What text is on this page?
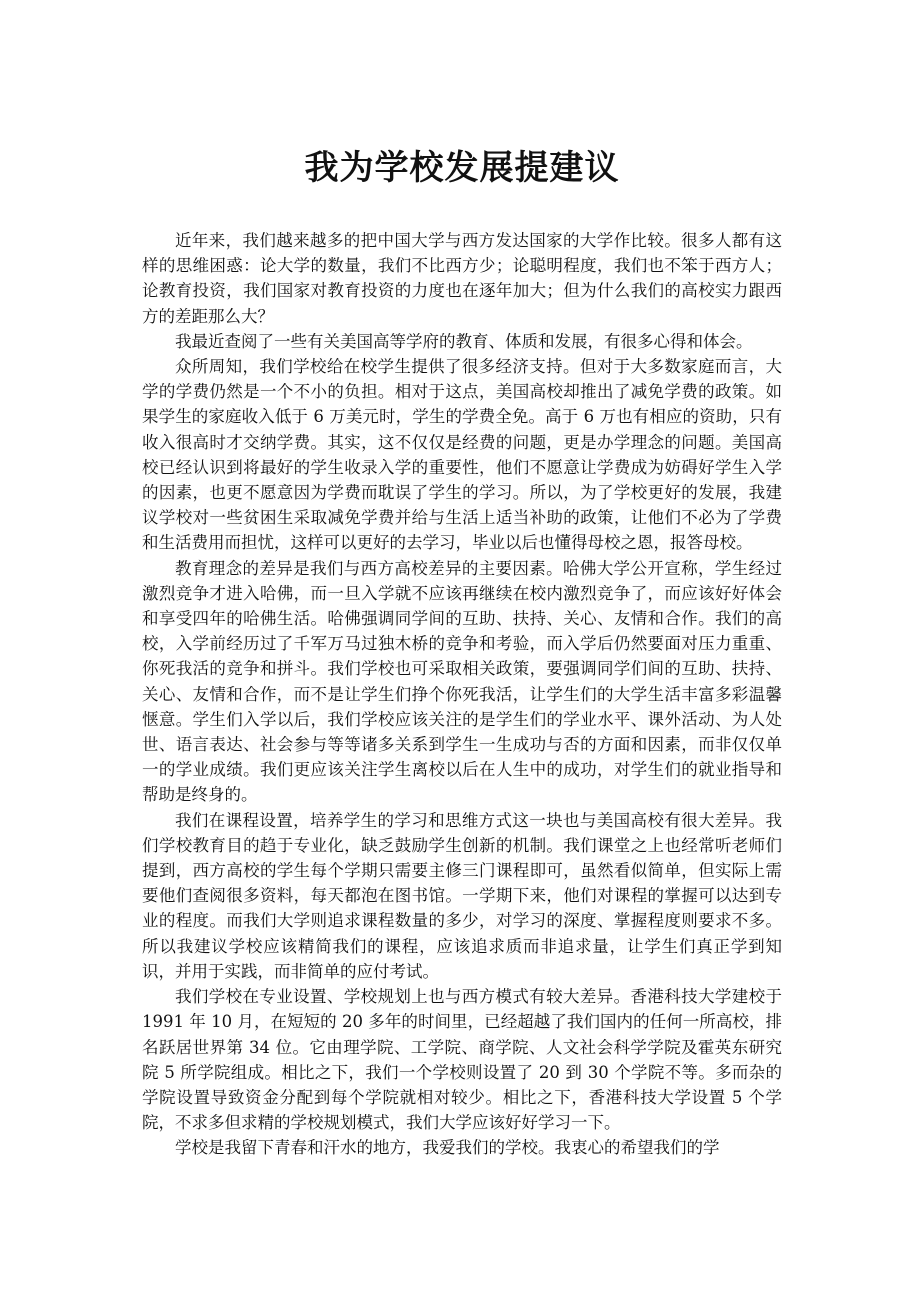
我为学校发展提建议

近年来，我们越来越多的把中国大学与西方发达国家的大学作比较。很多人都有这样的思维困惑：论大学的数量，我们不比西方少；论聪明程度，我们也不笨于西方人；论教育投资，我们国家对教育投资的力度也在逐年加大；但为什么我们的高校实力跟西方的差距那么大？

我最近查阅了一些有关美国高等学府的教育、体质和发展，有很多心得和体会。

众所周知，我们学校给在校学生提供了很多经济支持。但对于大多数家庭而言，大学的学费仍然是一个不小的负担。相对于这点，美国高校却推出了减免学费的政策。如果学生的家庭收入低于 6 万美元时，学生的学费全免。高于 6 万也有相应的资助，只有收入很高时才交纳学费。其实，这不仅仅是经费的问题，更是办学理念的问题。美国高校已经认识到将最好的学生收录入学的重要性，他们不愿意让学费成为妨碍好学生入学的因素，也更不愿意因为学费而耽误了学生的学习。所以，为了学校更好的发展，我建议学校对一些贫困生采取减免学费并给与生活上适当补助的政策，让他们不必为了学费和生活费用而担忧，这样可以更好的去学习，毕业以后也懂得母校之恩，报答母校。

教育理念的差异是我们与西方高校差异的主要因素。哈佛大学公开宣称，学生经过激烈竞争才进入哈佛，而一旦入学就不应该再继续在校内激烈竞争了，而应该好好体会和享受四年的哈佛生活。哈佛强调同学间的互助、扶持、关心、友情和合作。我们的高校，入学前经历过了千军万马过独木桥的竞争和考验，而入学后仍然要面对压力重重、你死我活的竞争和拼斗。我们学校也可采取相关政策，要强调同学们间的互助、扶持、关心、友情和合作，而不是让学生们挣个你死我活，让学生们的大学生活丰富多彩温馨惬意。学生们入学以后，我们学校应该关注的是学生们的学业水平、课外活动、为人处世、语言表达、社会参与等等诸多关系到学生一生成功与否的方面和因素，而非仅仅单一的学业成绩。我们更应该关注学生离校以后在人生中的成功，对学生们的就业指导和帮助是终身的。

我们在课程设置，培养学生的学习和思维方式这一块也与美国高校有很大差异。我们学校教育目的趋于专业化，缺乏鼓励学生创新的机制。我们课堂之上也经常听老师们提到，西方高校的学生每个学期只需要主修三门课程即可，虽然看似简单，但实际上需要他们查阅很多资料，每天都泡在图书馆。一学期下来，他们对课程的掌握可以达到专业的程度。而我们大学则追求课程数量的多少，对学习的深度、掌握程度则要求不多。所以我建议学校应该精简我们的课程，应该追求质而非追求量，让学生们真正学到知识，并用于实践，而非简单的应付考试。

我们学校在专业设置、学校规划上也与西方模式有较大差异。香港科技大学建校于 1991 年 10 月，在短短的 20 多年的时间里，已经超越了我们国内的任何一所高校，排名跃居世界第 34 位。它由理学院、工学院、商学院、人文社会科学学院及霍英东研究院 5 所学院组成。相比之下，我们一个学校则设置了 20 到 30 个学院不等。多而杂的学院设置导致资金分配到每个学院就相对较少。相比之下，香港科技大学设置 5 个学院，不求多但求精的学校规划模式，我们大学应该好好学习一下。

学校是我留下青春和汗水的地方，我爱我们的学校。我衷心的希望我们的学
